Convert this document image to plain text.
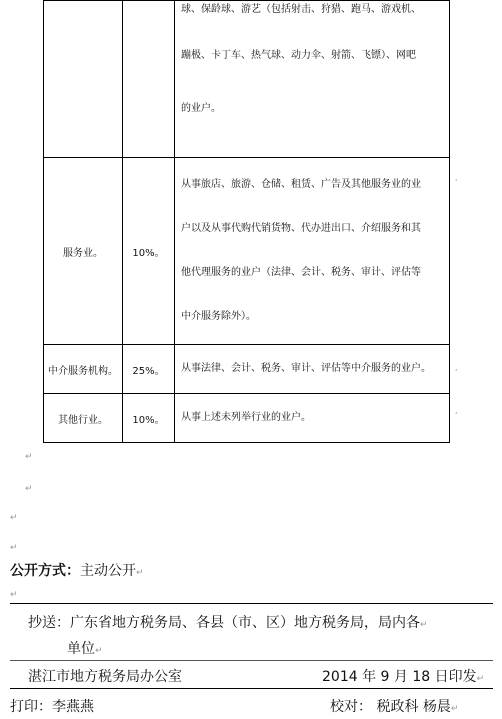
		球、保龄球、游艺（包括射击、狩猎、跑马、游戏机、
蹦极、卡丁车、热气球、动力伞、射箭、飞镖）、网吧
的业户。

服务业。	10%。	从事旅店、旅游、仓储、租赁、广告及其他服务业的业
户以及从事代购代销货物、代办进出口、介绍服务和其
他代理服务的业户（法律、会计、税务、审计、评估等
中介服务除外）。

中介服务机构。	25%。	从事法律、会计、税务、审计、评估等中介服务的业户。

其他行业。	10%。	从事上述未列举行业的业户。
¸
¸
¸
↵
↵
↵
↵
公开方式：主动公开↵
↵
抄送：广东省地方税务局、各县（市、区）地方税务局，局内各↵
单位↵
湛江市地方税务局办公室	2014 年 9 月 18 日印发↵
打印：李燕燕	校对： 税政科 杨晨↵
